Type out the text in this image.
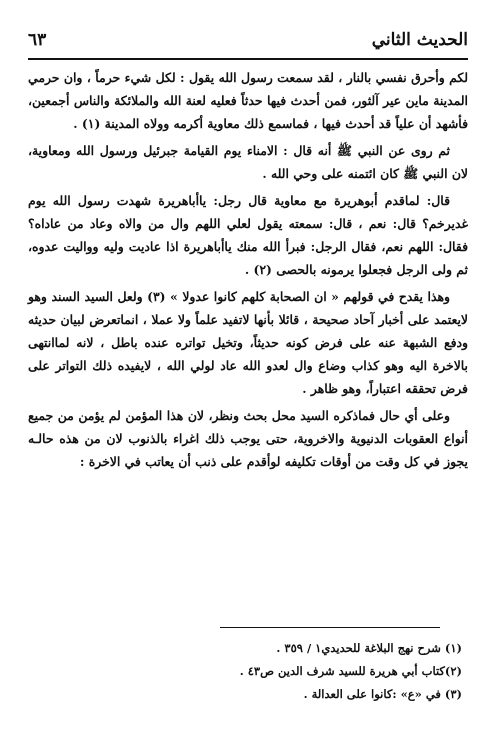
الحديث الثاني
٦٣

لكم وأحرق نفسي بالنار ، لقد سمعت رسول الله يقول : لكل شيء حرماً ، وان حرمي المدينة ماين عير آلثور، فمن أحدث فيها حدثاً فعليه لعنة الله والملائكة والناس أجمعين، فأشهد أن علياً قد أحدث فيها ، فماسمع ذلك معاوية أكرمه وولاه المدينة (١) .

ثم روى عن النبي ﷺ أنه قال : الامناء يوم القيامة جبرئيل ورسول الله ومعاوية، لان النبي ﷺ كان ائتمنه على وحي الله .

قال: لماقدم أبوهريرة مع معاوية قال رجل: ياأباهريرة شهدت رسول الله يوم غديرخم؟ قال: نعم ، قال: سمعته يقول لعلي اللهم وال من والاه وعاد من عاداه؟ فقال: اللهم نعم، فقال الرجل: فبرأ الله منك ياأباهريرة اذا عاديت وليه وواليت عدوه، ثم ولى الرجل فجعلوا يرمونه بالحصى (٢) .

وهذا يقدح في قولهم « ان الصحابة كلهم كانوا عدولا » (٣) ولعل السيد السند وهو لايعتمد على أخبار آحاد صحيحة ، قائلا بأنها لاتفيد علماً ولا عملا ، انماتعرض لبيان حديثه ودفع الشبهة عنه على فرض كونه حديثاً، وتخيل تواتره عنده باطل ، لانه لماانتهى بالاخرة اليه وهو كذاب وضاع وال لعدو الله عاد لولي الله ، لايفيده ذلك التواتر على فرض تحققه اعتباراً، وهو ظاهر .

وعلى أي حال فماذكره السيد محل بحث ونظر، لان هذا المؤمن لم يؤمن من جميع أنواع العقوبات الدنيوية والاخروية، حتى يوجب ذلك اغراء بالذنوب لان من هذه حالـه يجوز في كل وقت من أوقات تكليفه لوأقدم على ذنب أن يعاتب في الاخرة :

(١) شرح نهج البلاغة للحديدي١ / ٣٥٩ .

(٢)كتاب أبي هريرة للسيد شرف الدين ص٤٣ .

(٣) في «ع» :كانوا على العدالة .
